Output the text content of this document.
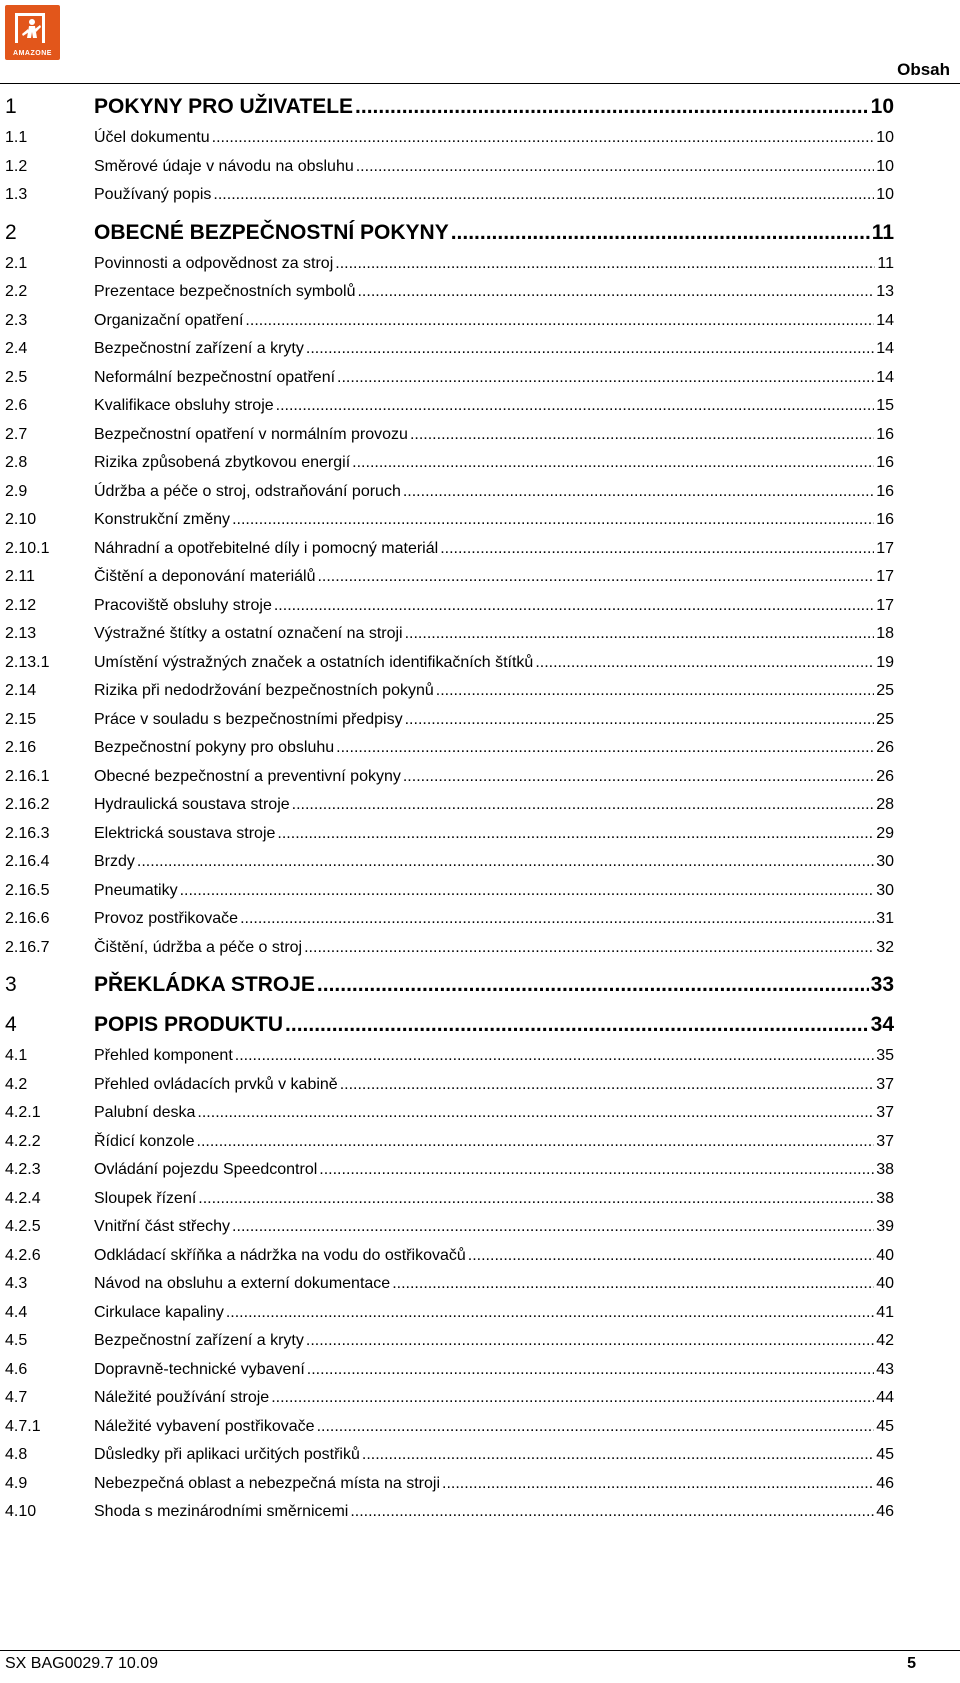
AMAZONE
Obsah
1	POKYNY PRO UŽIVATELE .....	10
1.1	Účel dokumentu .....	10
1.2	Směrové údaje v návodu na obsluhu .....	10
1.3	Používaný popis .....	10
2	OBECNÉ BEZPEČNOSTNÍ POKYNY .....	11
2.1	Povinnosti a odpovědnost za stroj .....	11
2.2	Prezentace bezpečnostních symbolů .....	13
2.3	Organizační opatření .....	14
2.4	Bezpečnostní zařízení a kryty .....	14
2.5	Neformální bezpečnostní opatření .....	14
2.6	Kvalifikace obsluhy stroje .....	15
2.7	Bezpečnostní opatření v normálním provozu .....	16
2.8	Rizika způsobená zbytkovou energií .....	16
2.9	Údržba a péče o stroj, odstraňování poruch .....	16
2.10	Konstrukční změny .....	16
2.10.1	Náhradní a opotřebitelné díly i pomocný materiál .....	17
2.11	Čištění a deponování materiálů .....	17
2.12	Pracoviště obsluhy stroje .....	17
2.13	Výstražné štítky a ostatní označení na stroji .....	18
2.13.1	Umístění výstražných značek a ostatních identifikačních štítků .....	19
2.14	Rizika při nedodržování bezpečnostních pokynů .....	25
2.15	Práce v souladu s bezpečnostními předpisy .....	25
2.16	Bezpečnostní pokyny pro obsluhu .....	26
2.16.1	Obecné bezpečnostní a preventivní pokyny .....	26
2.16.2	Hydraulická soustava stroje .....	28
2.16.3	Elektrická soustava stroje .....	29
2.16.4	Brzdy .....	30
2.16.5	Pneumatiky .....	30
2.16.6	Provoz postřikovače .....	31
2.16.7	Čištění, údržba a péče o stroj .....	32
3	PŘEKLÁDKA STROJE .....	33
4	POPIS PRODUKTU .....	34
4.1	Přehled komponent .....	35
4.2	Přehled ovládacích prvků v kabině .....	37
4.2.1	Palubní deska .....	37
4.2.2	Řídicí konzole .....	37
4.2.3	Ovládání pojezdu Speedcontrol .....	38
4.2.4	Sloupek řízení .....	38
4.2.5	Vnitřní část střechy .....	39
4.2.6	Odkládací skříňka a nádržka na vodu do ostřikovačů .....	40
4.3	Návod na obsluhu a externí dokumentace .....	40
4.4	Cirkulace kapaliny .....	41
4.5	Bezpečnostní zařízení a kryty .....	42
4.6	Dopravně-technické vybavení .....	43
4.7	Náležité používání stroje .....	44
4.7.1	Náležité vybavení postřikovače .....	45
4.8	Důsledky při aplikaci určitých postřiků .....	45
4.9	Nebezpečná oblast a nebezpečná místa na stroji .....	46
4.10	Shoda s mezinárodními směrnicemi .....	46
SX BAG0029.7 10.09	5
